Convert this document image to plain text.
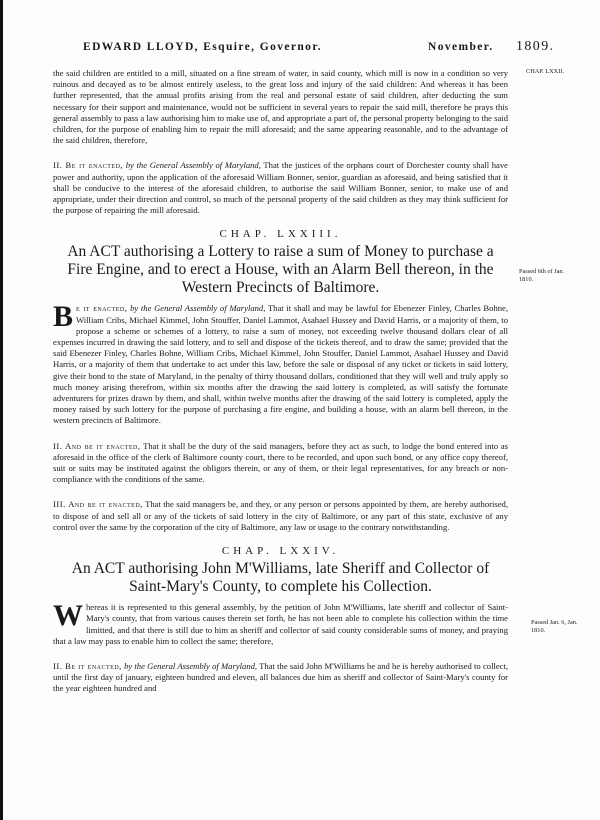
EDWARD LLOYD, Esquire, Governor.	November. 1809.
CHAP. LXXII.
Passed 6th of Jan. 1810.
Passed Jan. 6, Jan. 1810.

the said children are entitled to a mill, situated on a fine stream of water, in said county, which mill is now in a condition so very ruinous and decayed as to be almost entirely useless, to the great loss and injury of the said children: And whereas it has been further represented, that the annual profits arising from the real and personal estate of said children, after deducting the sum necessary for their support and maintenance, would not be sufficient in several years to repair the said mill, therefore he prays this general assembly to pass a law authorising him to make use of, and appropriate a part of, the personal property belonging to the said children, for the purpose of enabling him to repair the mill aforesaid; and the same appearing reasonable, and to the advantage of the said children, therefore,

II. Be it enacted, by the General Assembly of Maryland, That the justices of the orphans court of Dorchester county shall have power and authority, upon the application of the aforesaid William Bonner, senior, guardian as aforesaid, and being satisfied that it shall be conducive to the interest of the aforesaid children, to authorise the said William Bonner, senior, to make use of and appropriate, under their direction and control, so much of the personal property of the said children as they may think sufficient for the purpose of repairing the mill aforesaid.

CHAP. LXXIII.
An ACT authorising a Lottery to raise a sum of Money to purchase a Fire Engine, and to erect a House, with an Alarm Bell thereon, in the Western Precincts of Baltimore.

B e it enacted, by the General Assembly of Maryland, That it shall and may be lawful for Ebenezer Finley, Charles Bohne, William Cribs, Michael Kimmel, John Stouffer, Daniel Lammot, Asahael Hussey and David Harris, or a majority of them, to propose a scheme or schemes of a lottery, to raise a sum of money, not exceeding twelve thousand dollars clear of all expenses incurred in drawing the said lottery, and to sell and dispose of the tickets thereof, and to draw the same; provided that the said Ebenezer Finley, Charles Bohne, William Cribs, Michael Kimmel, John Stouffer, Daniel Lammot, Asahael Hussey and David Harris, or a majority of them that undertake to act under this law, before the sale or disposal of any ticket or tickets in said lottery, give their bond to the state of Maryland, in the penalty of thirty thousand dollars, conditioned that they will well and truly apply so much money arising therefrom, within six months after the drawing the said lottery is completed, as will satisfy the fortunate adventurers for prizes drawn by them, and shall, within twelve months after the drawing of the said lottery is completed, apply the money raised by such lottery for the purpose of purchasing a fire engine, and building a house, with an alarm bell thereon, in the western precincts of Baltimore.

II. And be it enacted, That it shall be the duty of the said managers, before they act as such, to lodge the bond entered into as aforesaid in the office of the clerk of Baltimore county court, there to be recorded, and upon such bond, or any office copy thereof, suit or suits may be instituted against the obligors therein, or any of them, or their legal representatives, for any breach or non-compliance with the conditions of the same.

III. And be it enacted, That the said managers be, and they, or any person or persons appointed by them, are hereby authorised, to dispose of and sell all or any of the tickets of said lottery in the city of Baltimore, or any part of this state, exclusive of any control over the same by the corporation of the city of Baltimore, any law or usage to the contrary notwithstanding.

CHAP. LXXIV.
An ACT authorising John M'Williams, late Sheriff and Collector of Saint-Mary's County, to complete his Collection.

W hereas it is represented to this general assembly, by the petition of John M'Williams, late sheriff and collector of Saint-Mary's county, that from various causes therein set forth, he has not been able to complete his collection within the time limitted, and that there is still due to him as sheriff and collector of said county considerable sums of money, and praying that a law may pass to enable him to collect the same; therefore,

II. Be it enacted, by the General Assembly of Maryland, That the said John M'Williams be and he is hereby authorised to collect, until the first day of january, eighteen hundred and eleven, all balances due him as sheriff and collector of Saint-Mary's county for the year eighteen hundred and
